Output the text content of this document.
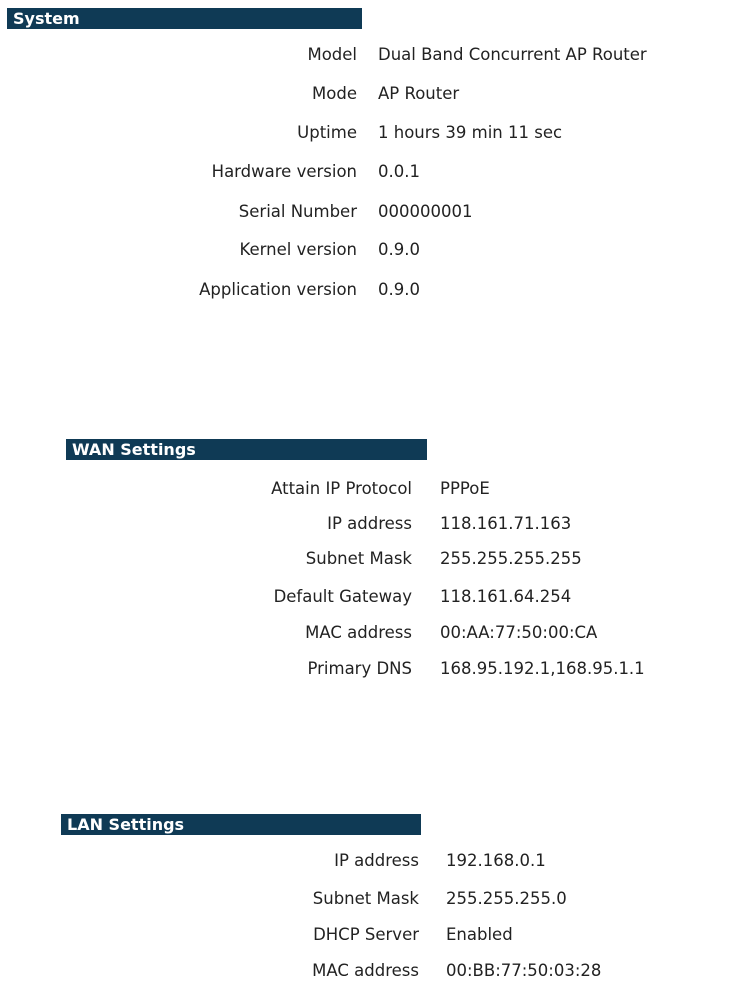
System
Model Dual Band Concurrent AP Router
Mode AP Router
Uptime 1 hours 39 min 11 sec
Hardware version 0.0.1
Serial Number 000000001
Kernel version 0.9.0
Application version 0.9.0
WAN Settings
Attain IP Protocol PPPoE
IP address 118.161.71.163
Subnet Mask 255.255.255.255
Default Gateway 118.161.64.254
MAC address 00:AA:77:50:00:CA
Primary DNS 168.95.192.1,168.95.1.1
LAN Settings
IP address 192.168.0.1
Subnet Mask 255.255.255.0
DHCP Server Enabled
MAC address 00:BB:77:50:03:28
